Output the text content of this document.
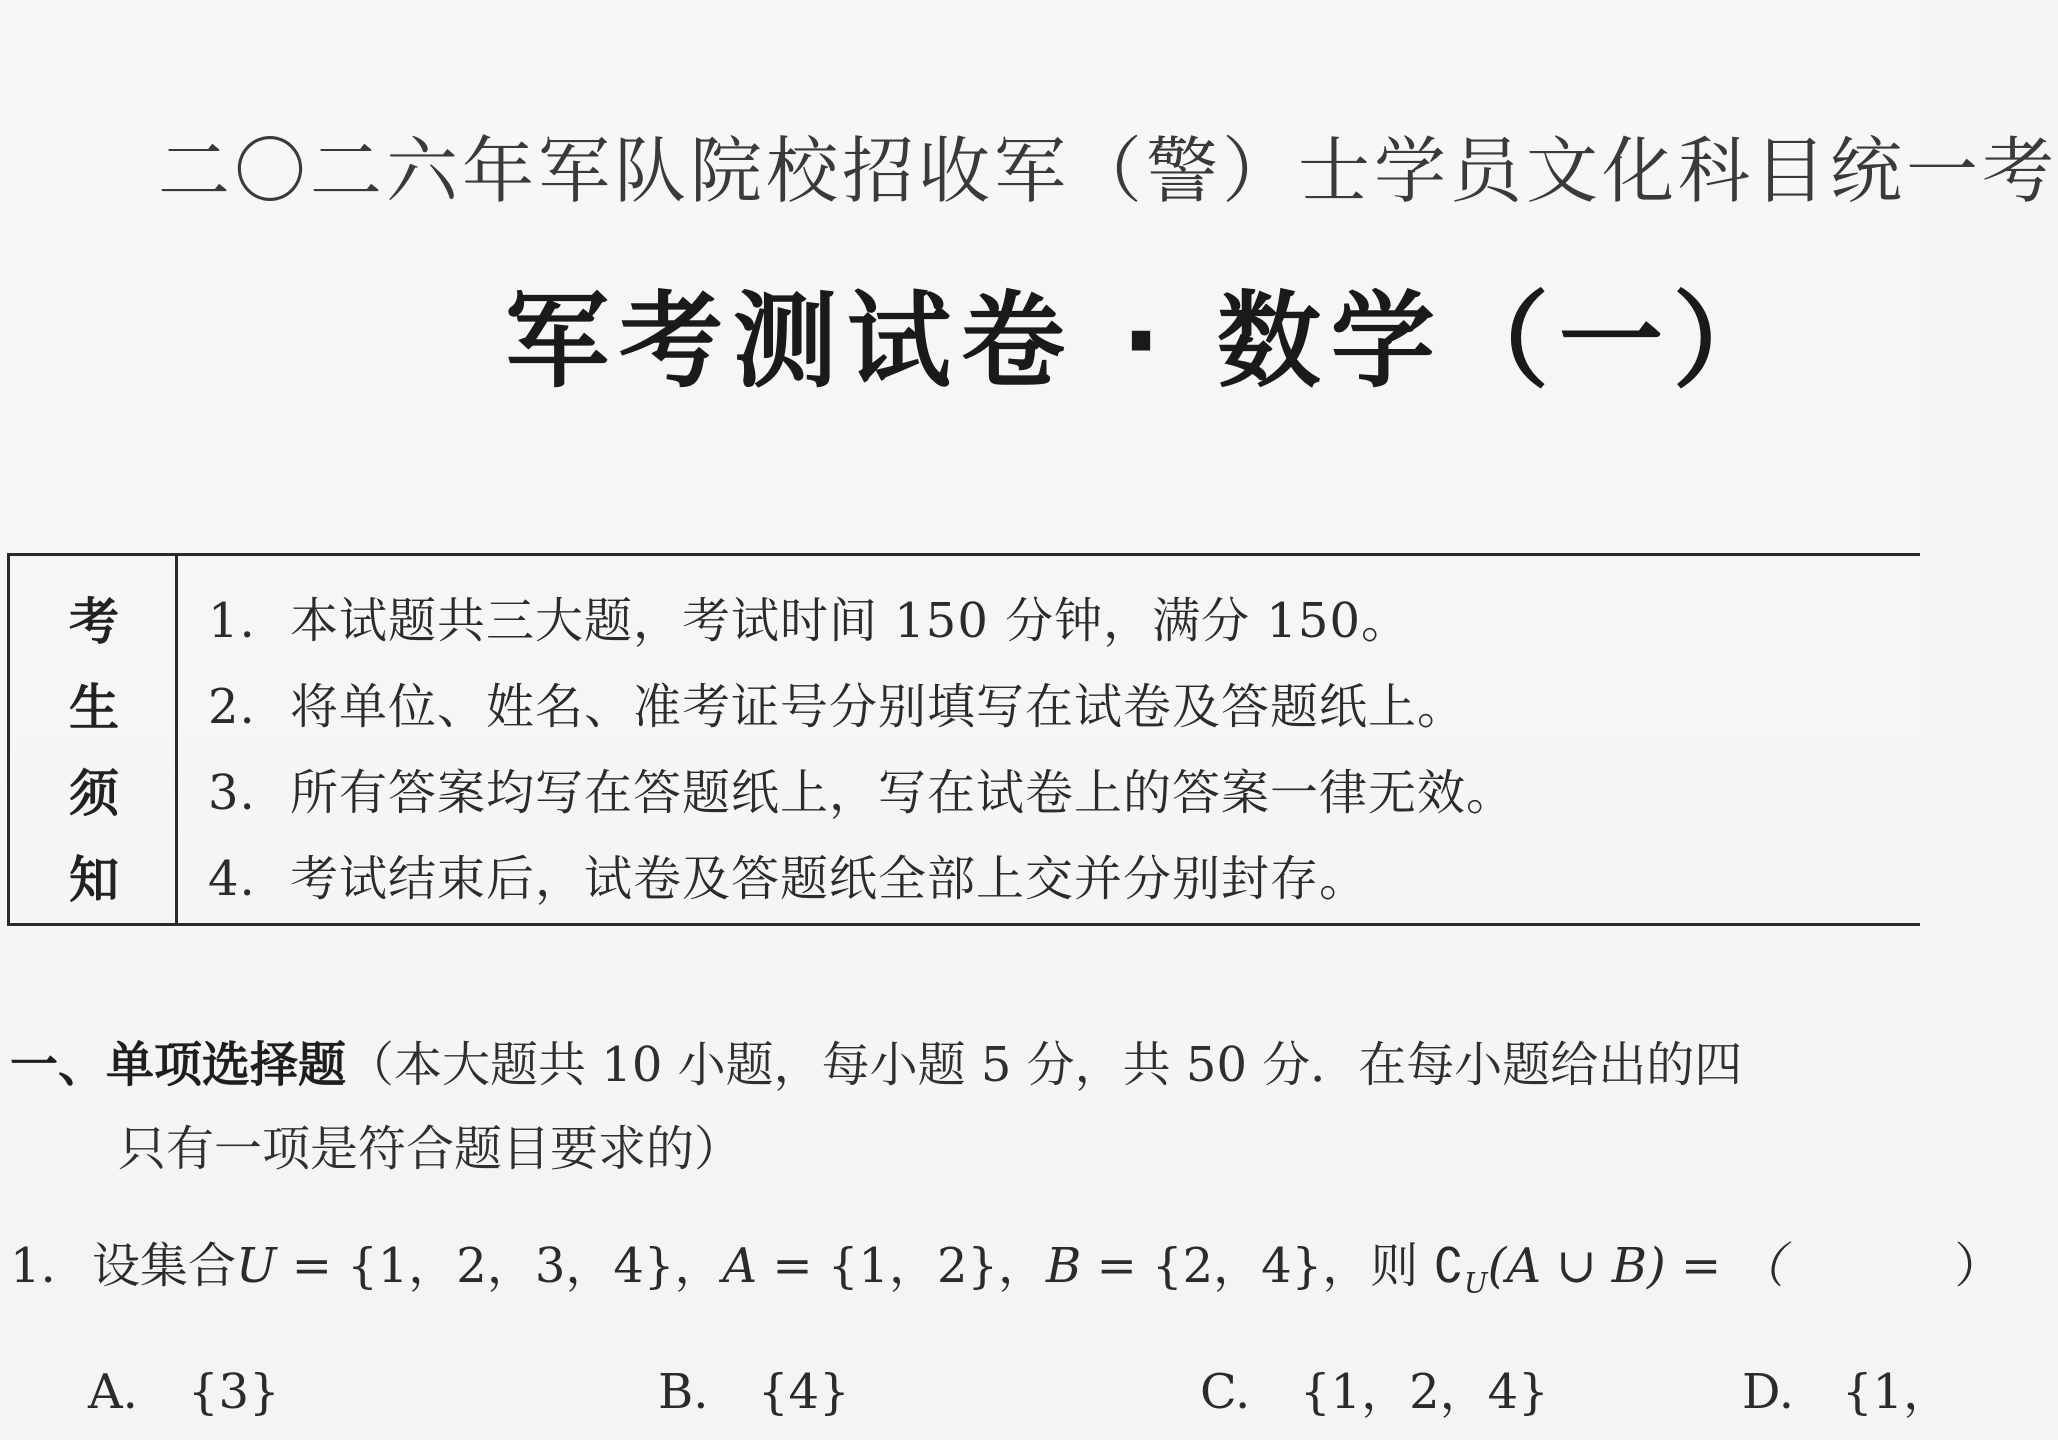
二〇二六年军队院校招收军（警）士学员文化科目统一考
军考测试卷 · 数学（一）
考
生
须
知
1. 本试题共三大题，考试时间 150 分钟，满分 150。
2. 将单位、姓名、准考证号分别填写在试卷及答题纸上。
3. 所有答案均写在答题纸上，写在试卷上的答案一律无效。
4. 考试结束后，试卷及答题纸全部上交并分别封存。
一、单项选择题（本大题共 10 小题，每小题 5 分，共 50 分．在每小题给出的四
只有一项是符合题目要求的）
1. 设集合U = {1，2，3，4}，A = {1，2}，B = {2，4}，则 $∁_U(A$ ∪ B) = （	）
A. {3}	B. {4}	C. {1，2，4}	D. {1，
